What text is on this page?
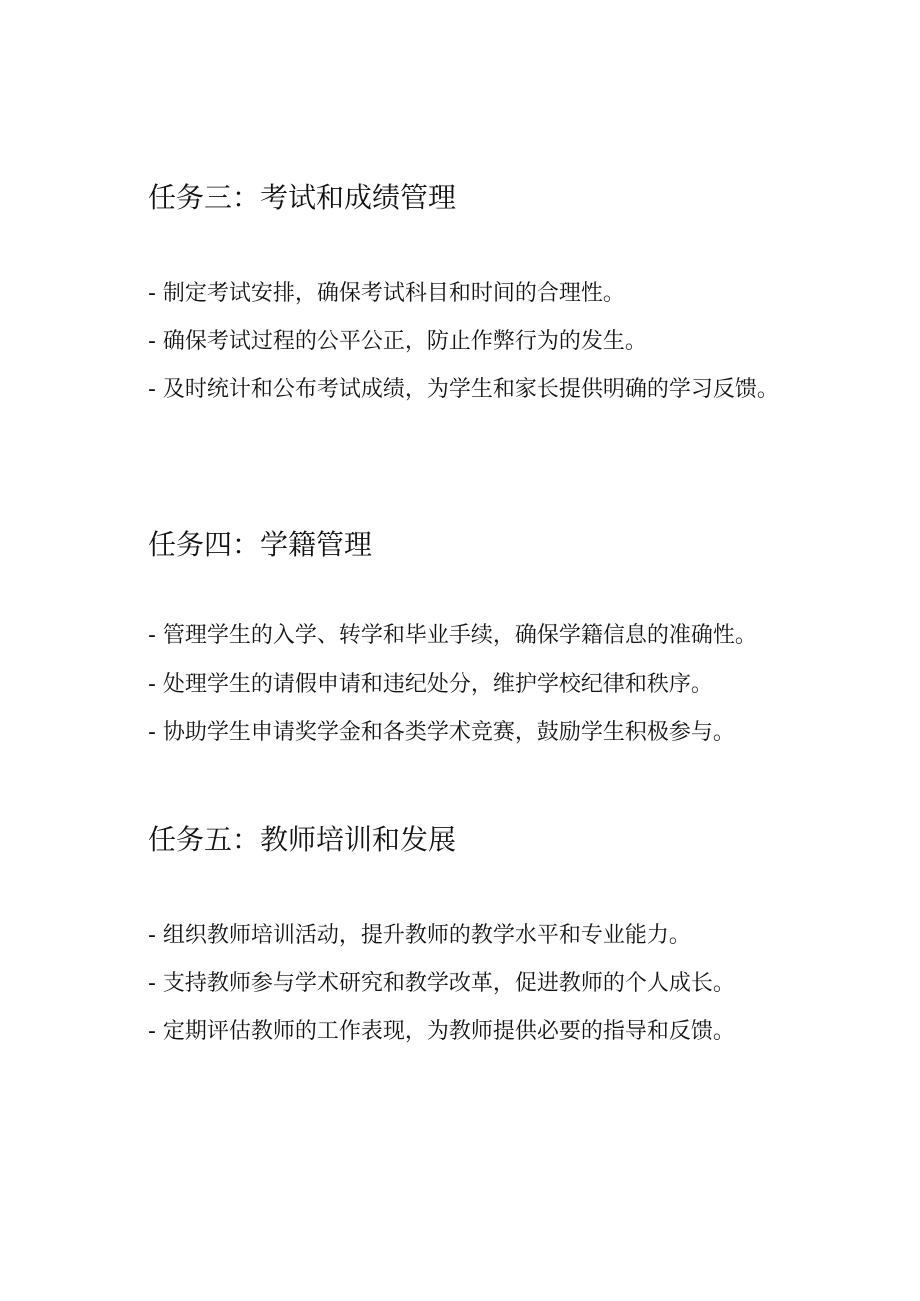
任务三：考试和成绩管理

- 制定考试安排，确保考试科目和时间的合理性。

- 确保考试过程的公平公正，防止作弊行为的发生。

- 及时统计和公布考试成绩，为学生和家长提供明确的学习反馈。

任务四：学籍管理

- 管理学生的入学、转学和毕业手续，确保学籍信息的准确性。

- 处理学生的请假申请和违纪处分，维护学校纪律和秩序。

- 协助学生申请奖学金和各类学术竞赛，鼓励学生积极参与。

任务五：教师培训和发展

- 组织教师培训活动，提升教师的教学水平和专业能力。

- 支持教师参与学术研究和教学改革，促进教师的个人成长。

- 定期评估教师的工作表现，为教师提供必要的指导和反馈。
